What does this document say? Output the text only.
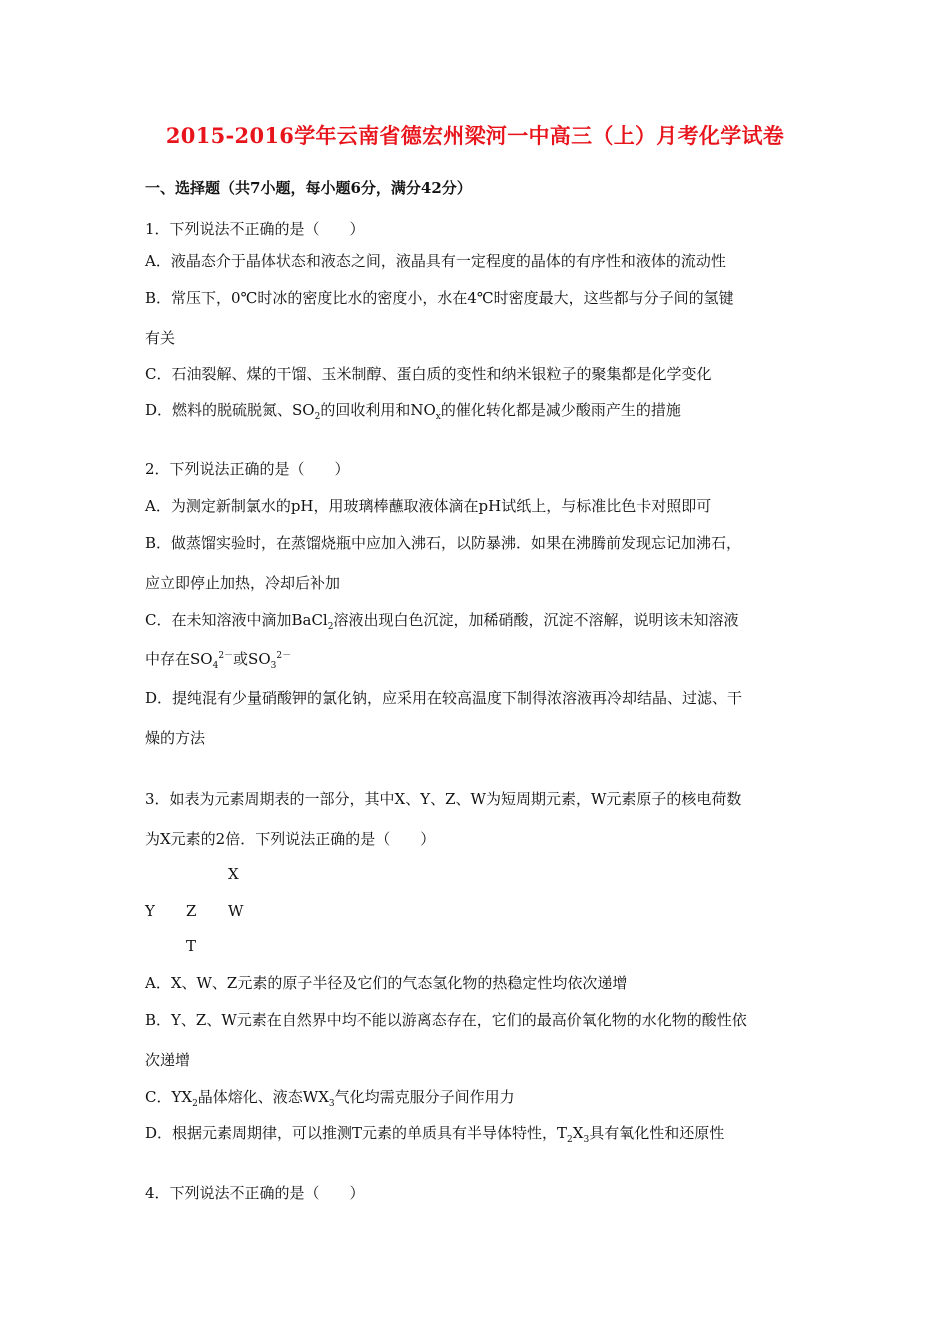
2015-2016学年云南省德宏州梁河一中高三（上）月考化学试卷
一、选择题（共7小题，每小题6分，满分42分）
1．下列说法不正确的是（　　）
A．液晶态介于晶体状态和液态之间，液晶具有一定程度的晶体的有序性和液体的流动性
B．常压下，0℃时冰的密度比水的密度小，水在4℃时密度最大，这些都与分子间的氢键
有关
C．石油裂解、煤的干馏、玉米制醇、蛋白质的变性和纳米银粒子的聚集都是化学变化
D．燃料的脱硫脱氮、$SO_2$的回收利用和$NO_x$的催化转化都是减少酸雨产生的措施
2．下列说法正确的是（　　）
A．为测定新制氯水的pH，用玻璃棒蘸取液体滴在pH试纸上，与标准比色卡对照即可
B．做蒸馏实验时，在蒸馏烧瓶中应加入沸石，以防暴沸．如果在沸腾前发现忘记加沸石，
应立即停止加热，冷却后补加
C．在未知溶液中滴加BaCl$_2$溶液出现白色沉淀，加稀硝酸，沉淀不溶解，说明该未知溶液
中存在$SO_4^{2-}$或$SO_3^{2-}$
D．提纯混有少量硝酸钾的氯化钠，应采用在较高温度下制得浓溶液再冷却结晶、过滤、干
燥的方法
3．如表为元素周期表的一部分，其中X、Y、Z、W为短周期元素，W元素原子的核电荷数
为X元素的2倍．下列说法正确的是（　　）
X
Y Z W
T
A．X、W、Z元素的原子半径及它们的气态氢化物的热稳定性均依次递增
B．Y、Z、W元素在自然界中均不能以游离态存在，它们的最高价氧化物的水化物的酸性依
次递增
C．$YX_2$晶体熔化、液态$WX_3$气化均需克服分子间作用力
D．根据元素周期律，可以推测T元素的单质具有半导体特性，$T_2X_3$具有氧化性和还原性
4．下列说法不正确的是（　　）
